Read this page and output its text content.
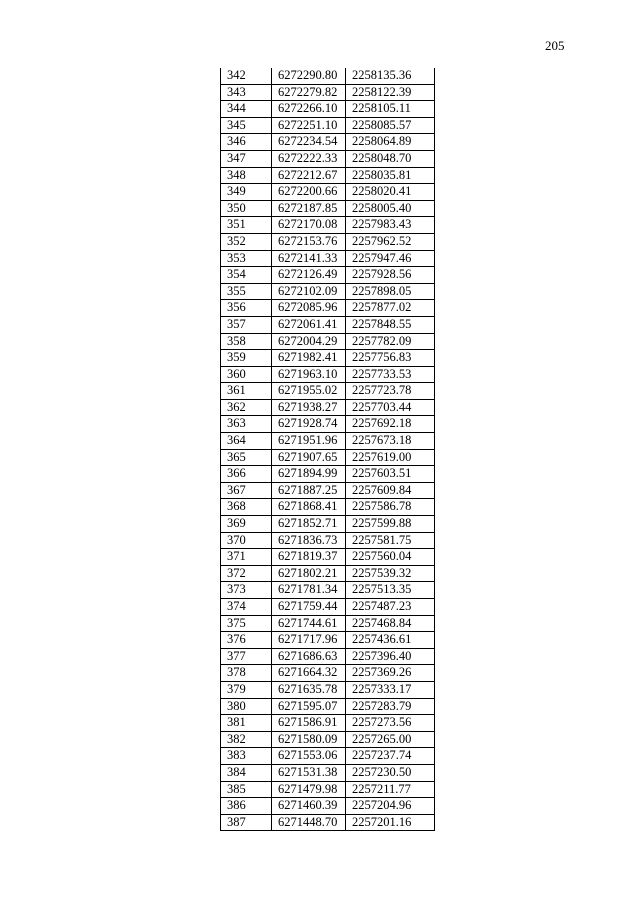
205
342	6272290.80	2258135.36
343	6272279.82	2258122.39
344	6272266.10	2258105.11
345	6272251.10	2258085.57
346	6272234.54	2258064.89
347	6272222.33	2258048.70
348	6272212.67	2258035.81
349	6272200.66	2258020.41
350	6272187.85	2258005.40
351	6272170.08	2257983.43
352	6272153.76	2257962.52
353	6272141.33	2257947.46
354	6272126.49	2257928.56
355	6272102.09	2257898.05
356	6272085.96	2257877.02
357	6272061.41	2257848.55
358	6272004.29	2257782.09
359	6271982.41	2257756.83
360	6271963.10	2257733.53
361	6271955.02	2257723.78
362	6271938.27	2257703.44
363	6271928.74	2257692.18
364	6271951.96	2257673.18
365	6271907.65	2257619.00
366	6271894.99	2257603.51
367	6271887.25	2257609.84
368	6271868.41	2257586.78
369	6271852.71	2257599.88
370	6271836.73	2257581.75
371	6271819.37	2257560.04
372	6271802.21	2257539.32
373	6271781.34	2257513.35
374	6271759.44	2257487.23
375	6271744.61	2257468.84
376	6271717.96	2257436.61
377	6271686.63	2257396.40
378	6271664.32	2257369.26
379	6271635.78	2257333.17
380	6271595.07	2257283.79
381	6271586.91	2257273.56
382	6271580.09	2257265.00
383	6271553.06	2257237.74
384	6271531.38	2257230.50
385	6271479.98	2257211.77
386	6271460.39	2257204.96
387	6271448.70	2257201.16
